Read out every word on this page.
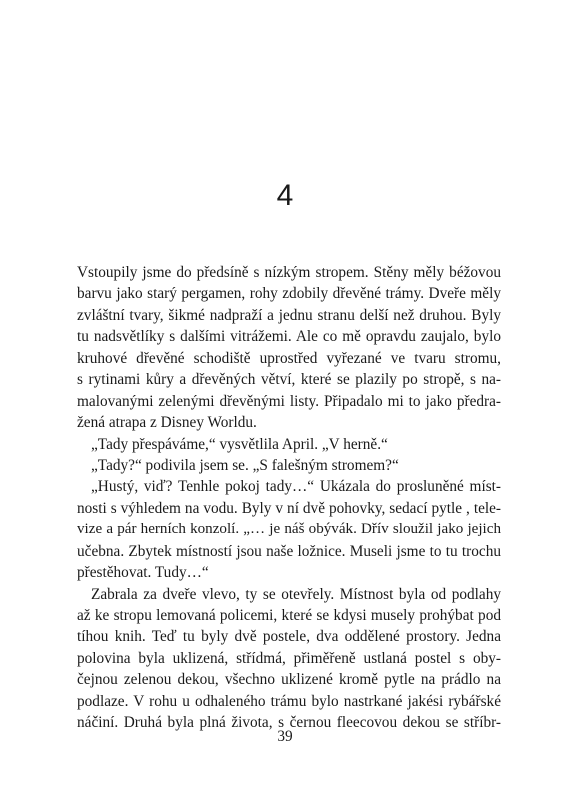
4
Vstoupily jsme do předsíně s nízkým stropem. Stěny měly béžovou
barvu jako starý pergamen, rohy zdobily dřevěné trámy. Dveře měly
zvláštní tvary, šikmé nadpraží a jednu stranu delší než druhou. Byly
tu nadsvětlíky s dalšími vitrážemi. Ale co mě opravdu zaujalo, bylo
kruhové dřevěné schodiště uprostřed vyřezané ve tvaru stromu,
s rytinami kůry a dřevěných větví, které se plazily po stropě, s na-
malovanými zelenými dřevěnými listy. Připadalo mi to jako předra-
žená atrapa z Disney Worldu.
„Tady přespáváme,“ vysvětlila April. „V herně.“
„Tady?“ podivila jsem se. „S falešným stromem?“
„Hustý, viď? Tenhle pokoj tady…“ Ukázala do prosluněné míst-
nosti s výhledem na vodu. Byly v ní dvě pohovky, sedací pytle , tele-
vize a pár herních konzolí. „… je náš obývák. Dřív sloužil jako jejich
učebna. Zbytek místností jsou naše ložnice. Museli jsme to tu trochu
přestěhovat. Tudy…“
Zabrala za dveře vlevo, ty se otevřely. Místnost byla od podlahy
až ke stropu lemovaná policemi, které se kdysi musely prohýbat pod
tíhou knih. Teď tu byly dvě postele, dva oddělené prostory. Jedna
polovina byla uklizená, střídmá, přiměřeně ustlaná postel s oby-
čejnou zelenou dekou, všechno uklizené kromě pytle na prádlo na
podlaze. V rohu u odhaleného trámu bylo nastrkané jakési rybářské
náčiní. Druhá byla plná života, s černou fleecovou dekou se stříbr-
39
